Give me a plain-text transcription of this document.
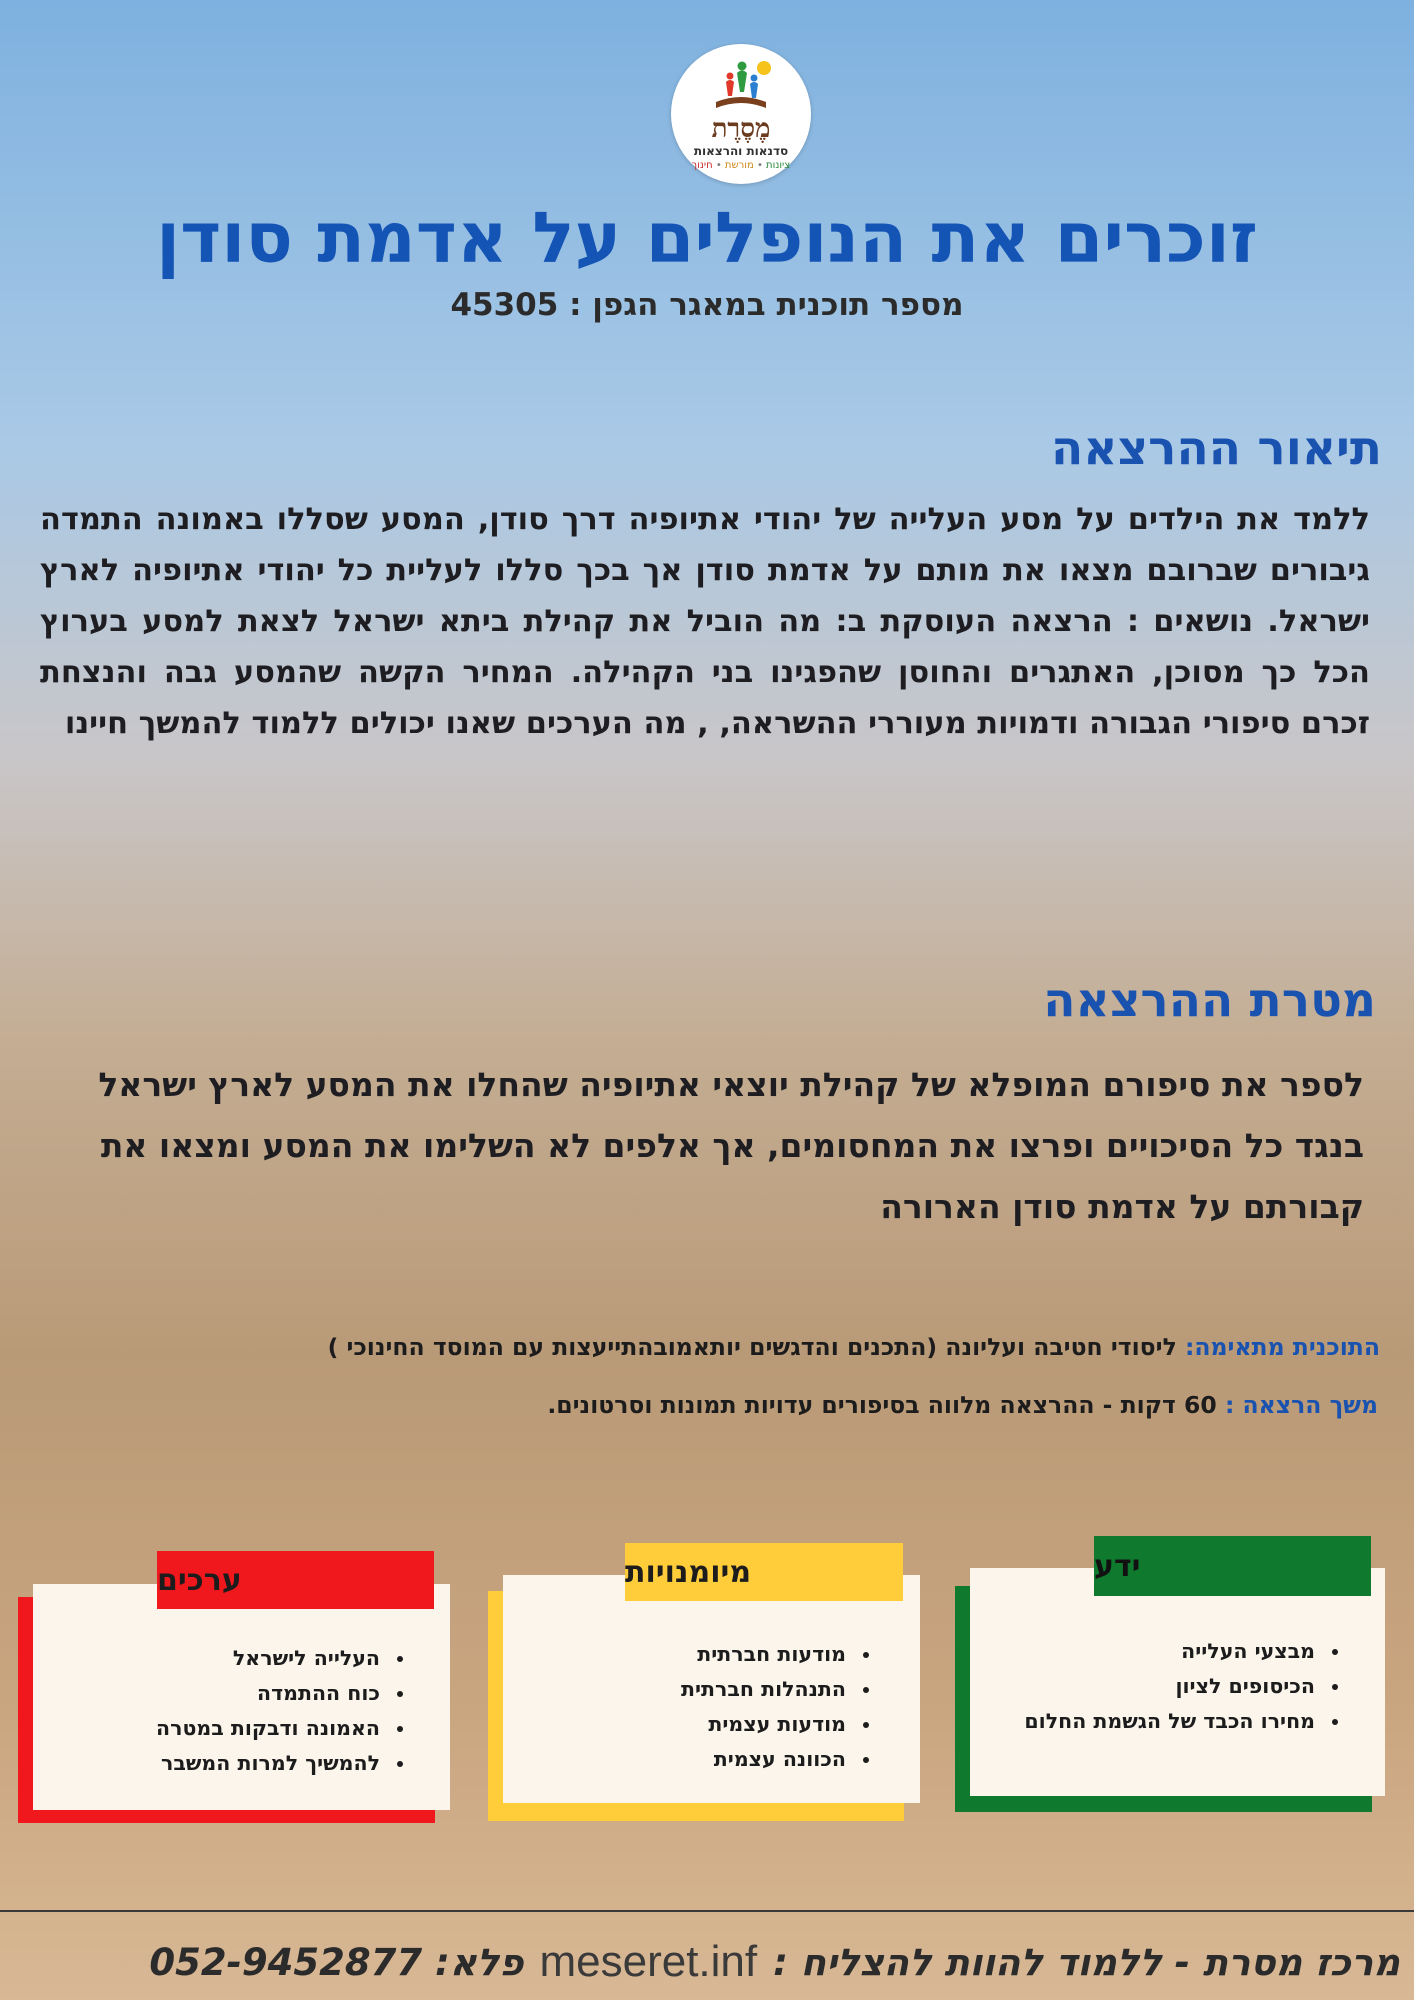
מֶסֶרֶת
סדנאות והרצאות
ציונות • מורשת • חינוך
זוכרים את הנופלים על אדמת סודן
מספר תוכנית במאגר הגפן : 45305
תיאור ההרצאה

ללמד את הילדים על מסע העלייה של יהודי אתיופיה דרך סודן, המסע שסללו באמונה התמדה גיבורים שברובם מצאו את מותם על אדמת סודן אך בכך סללו לעליית כל יהודי אתיופיה לארץ ישראל. נושאים : הרצאה העוסקת ב: מה הוביל את קהילת ביתא ישראל לצאת למסע בערוץ הכל כך מסוכן, האתגרים והחוסן שהפגינו בני הקהילה. המחיר הקשה שהמסע גבה והנצחת זכרם סיפורי הגבורה ודמויות מעוררי ההשראה, , מה הערכים שאנו יכולים ללמוד להמשך חיינו

מטרת ההרצאה

לספר את סיפורם המופלא של קהילת יוצאי אתיופיה שהחלו את המסע לארץ ישראל בנגד כל הסיכויים ופרצו את המחסומים, אך אלפים לא השלימו את המסע ומצאו את קבורתם על אדמת סודן הארורה

התוכנית מתאימה: ליסודי חטיבה ועליונה (התכנים והדגשים יותאמובהתייעצות עם המוסד החינוכי )
משך הרצאה : 60 דקות - ההרצאה מלווה בסיפורים עדויות תמונות וסרטונים.
ידע
• מבצעי העלייה
• הכיסופים לציון
• מחירו הכבד של הגשמת החלום
מיומנויות
• מודעות חברתית
• התנהלות חברתית
• מודעות עצמית
• הכוונה עצמית
ערכים
• העלייה לישראל
• כוח ההתמדה
• האמונה ודבקות במטרה
• להמשיך למרות המשבר
מרכז מסרת - ללמוד להוות להצליח :
meseret.inf
פלא: 052-9452877
